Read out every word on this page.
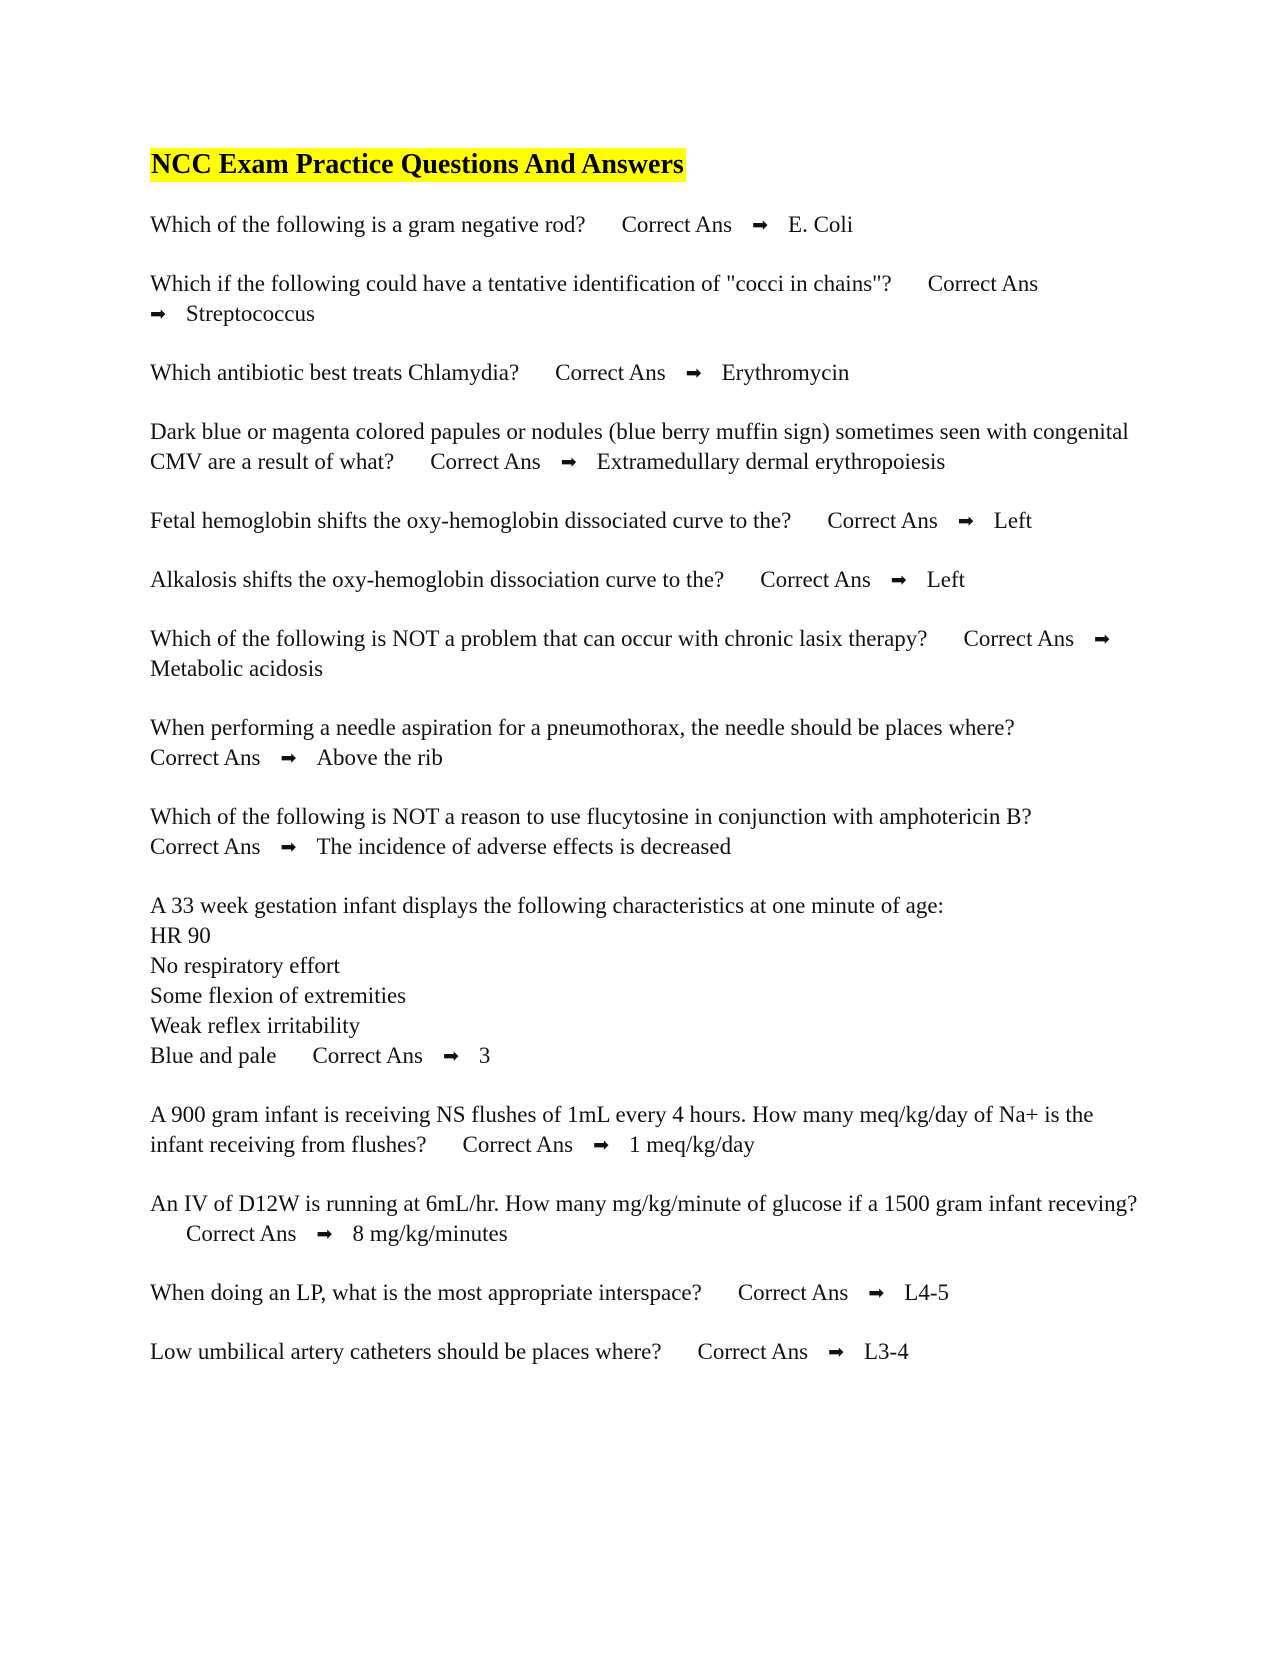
NCC Exam Practice Questions And Answers
Which of the following is a gram negative rod? Correct Ans ➡ E. Coli
Which if the following could have a tentative identification of "cocci in chains"? Correct Ans
➡ Streptococcus
Which antibiotic best treats Chlamydia? Correct Ans ➡ Erythromycin
Dark blue or magenta colored papules or nodules (blue berry muffin sign) sometimes seen with congenital CMV are a result of what? Correct Ans ➡ Extramedullary dermal erythropoiesis
Fetal hemoglobin shifts the oxy-hemoglobin dissociated curve to the? Correct Ans ➡ Left
Alkalosis shifts the oxy-hemoglobin dissociation curve to the? Correct Ans ➡ Left
Which of the following is NOT a problem that can occur with chronic lasix therapy? Correct Ans ➡Metabolic acidosis
When performing a needle aspiration for a pneumothorax, the needle should be places where?
Correct Ans ➡ Above the rib
Which of the following is NOT a reason to use flucytosine in conjunction with amphotericin B?
Correct Ans ➡ The incidence of adverse effects is decreased
A 33 week gestation infant displays the following characteristics at one minute of age:
HR 90
No respiratory effort
Some flexion of extremities
Weak reflex irritability
Blue and pale Correct Ans ➡ 3
A 900 gram infant is receiving NS flushes of 1mL every 4 hours. How many meq/kg/day of Na+ is the infant receiving from flushes? Correct Ans ➡ 1 meq/kg/day
An IV of D12W is running at 6mL/hr. How many mg/kg/minute of glucose if a 1500 gram infant receving?Correct Ans ➡ 8 mg/kg/minutes
When doing an LP, what is the most appropriate interspace? Correct Ans ➡ L4-5
Low umbilical artery catheters should be places where? Correct Ans ➡ L3-4
